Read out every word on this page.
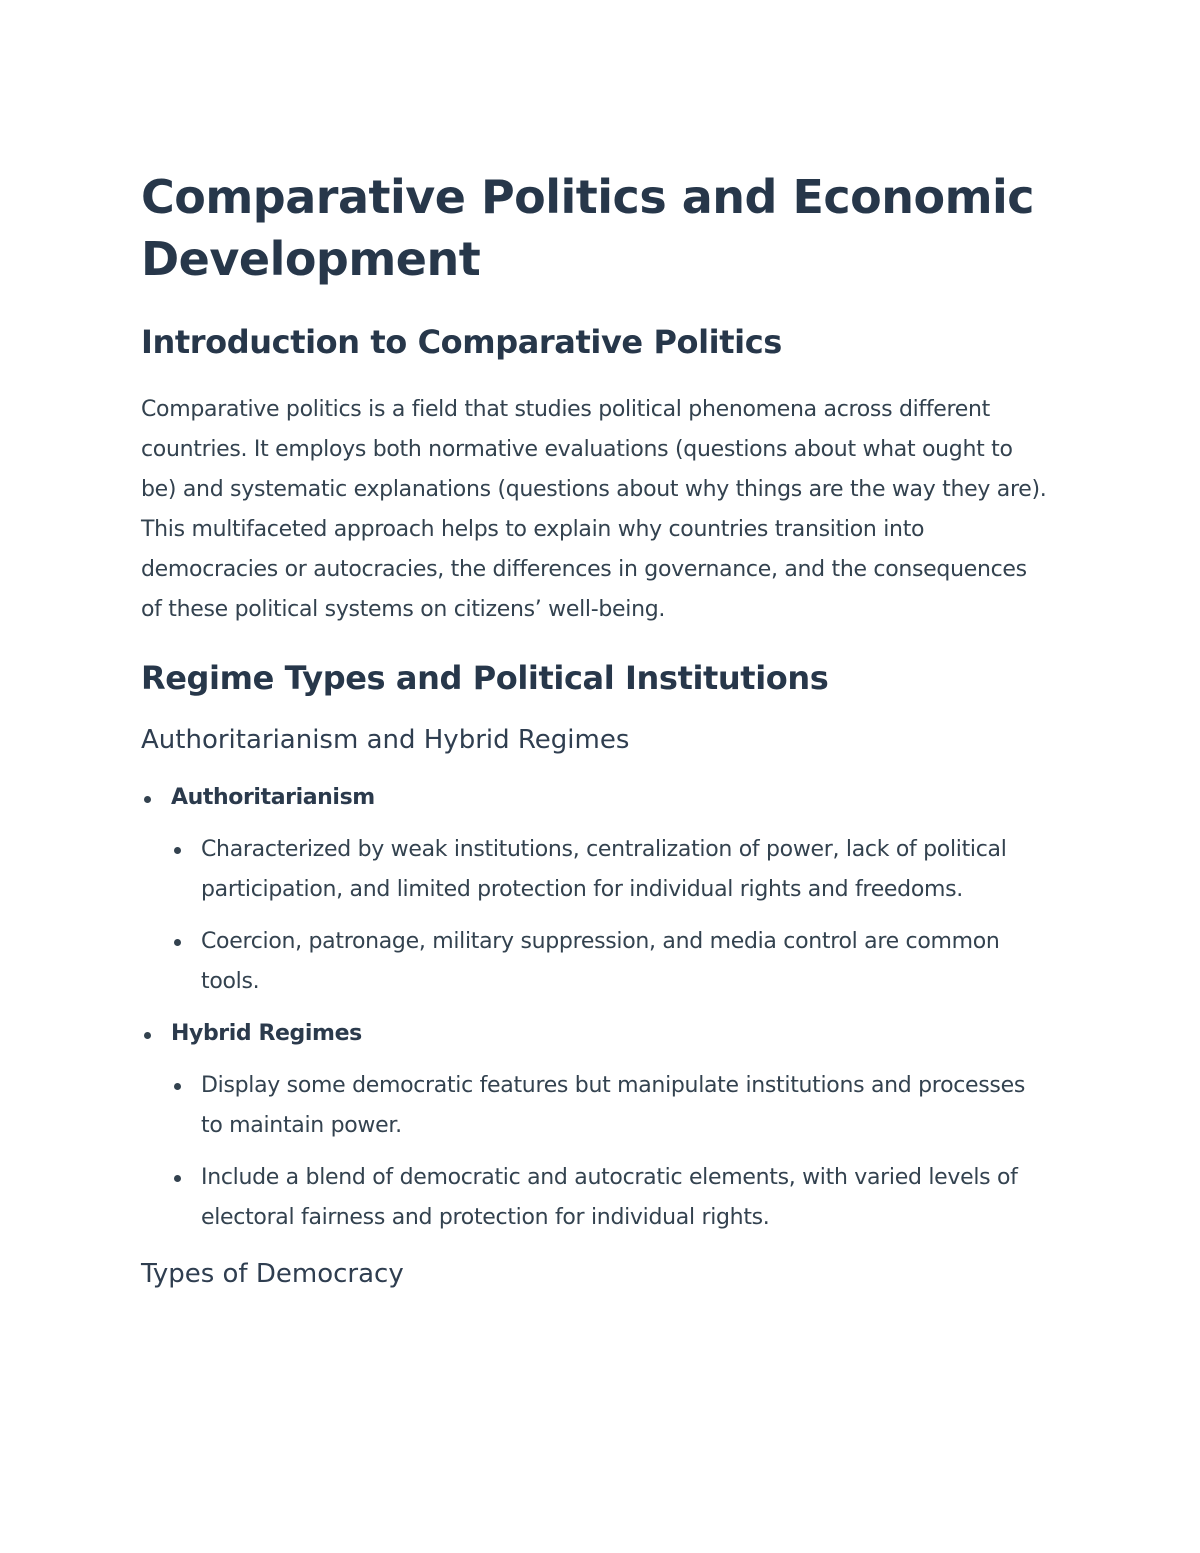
Comparative Politics and Economic Development
Introduction to Comparative Politics

Comparative politics is a field that studies political phenomena across different countries. It employs both normative evaluations (questions about what ought to be) and systematic explanations (questions about why things are the way they are). This multifaceted approach helps to explain why countries transition into democracies or autocracies, the differences in governance, and the consequences of these political systems on citizens’ well-being.

Regime Types and Political Institutions
Authoritarianism and Hybrid Regimes
Authoritarianism
Characterized by weak institutions, centralization of power, lack of political participation, and limited protection for individual rights and freedoms.
Coercion, patronage, military suppression, and media control are common tools.
Hybrid Regimes
Display some democratic features but manipulate institutions and processes to maintain power.
Include a blend of democratic and autocratic elements, with varied levels of electoral fairness and protection for individual rights.
Types of Democracy
